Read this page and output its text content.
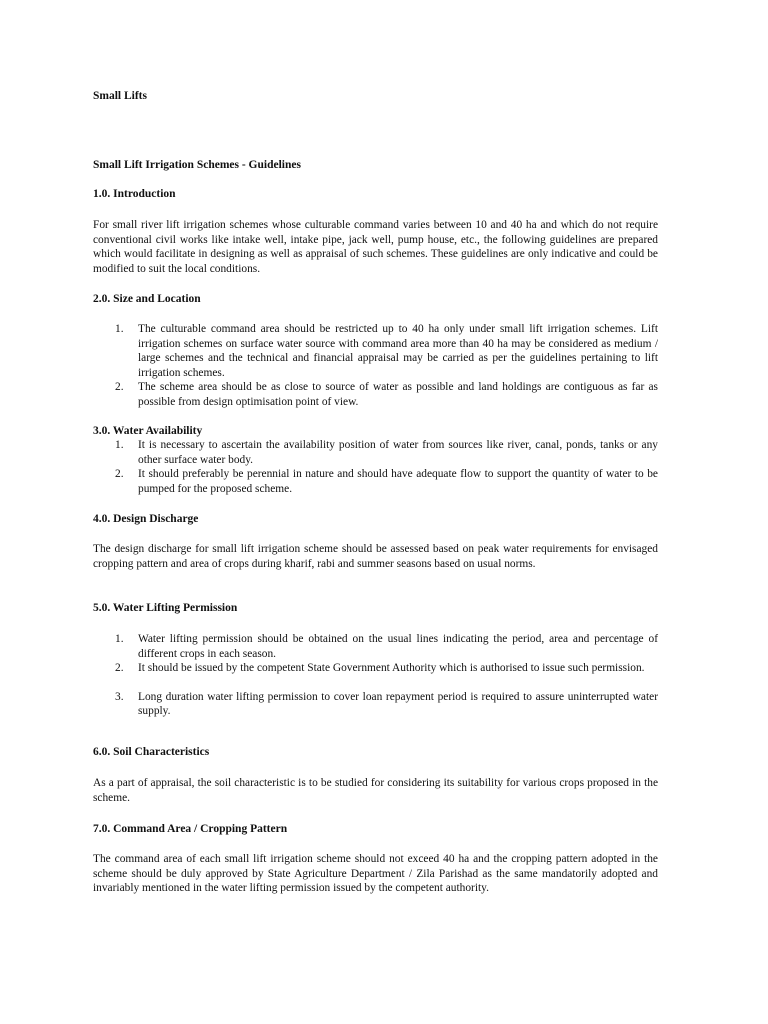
Small Lifts

Small Lift Irrigation Schemes - Guidelines

1.0. Introduction

For small river lift irrigation schemes whose culturable command varies between 10 and 40 ha and which do not require conventional civil works like intake well, intake pipe, jack well, pump house, etc., the following guidelines are prepared which would facilitate in designing as well as appraisal of such schemes. These guidelines are only indicative and could be modified to suit the local conditions.

2.0. Size and Location

1. The culturable command area should be restricted up to 40 ha only under small lift irrigation schemes. Lift irrigation schemes on surface water source with command area more than 40 ha may be considered as medium / large schemes and the technical and financial appraisal may be carried as per the guidelines pertaining to lift irrigation schemes.
2. The scheme area should be as close to source of water as possible and land holdings are contiguous as far as possible from design optimisation point of view.

3.0. Water Availability

1. It is necessary to ascertain the availability position of water from sources like river, canal, ponds, tanks or any other surface water body.
2. It should preferably be perennial in nature and should have adequate flow to support the quantity of water to be pumped for the proposed scheme.

4.0. Design Discharge

The design discharge for small lift irrigation scheme should be assessed based on peak water requirements for envisaged cropping pattern and area of crops during kharif, rabi and summer seasons based on usual norms.

5.0. Water Lifting Permission

1. Water lifting permission should be obtained on the usual lines indicating the period, area and percentage of different crops in each season.
2. It should be issued by the competent State Government Authority which is authorised to issue such permission.
3. Long duration water lifting permission to cover loan repayment period is required to assure uninterrupted water supply.

6.0. Soil Characteristics

As a part of appraisal, the soil characteristic is to be studied for considering its suitability for various crops proposed in the scheme.

7.0. Command Area / Cropping Pattern

The command area of each small lift irrigation scheme should not exceed 40 ha and the cropping pattern adopted in the scheme should be duly approved by State Agriculture Department / Zila Parishad as the same mandatorily adopted and invariably mentioned in the water lifting permission issued by the competent authority.
